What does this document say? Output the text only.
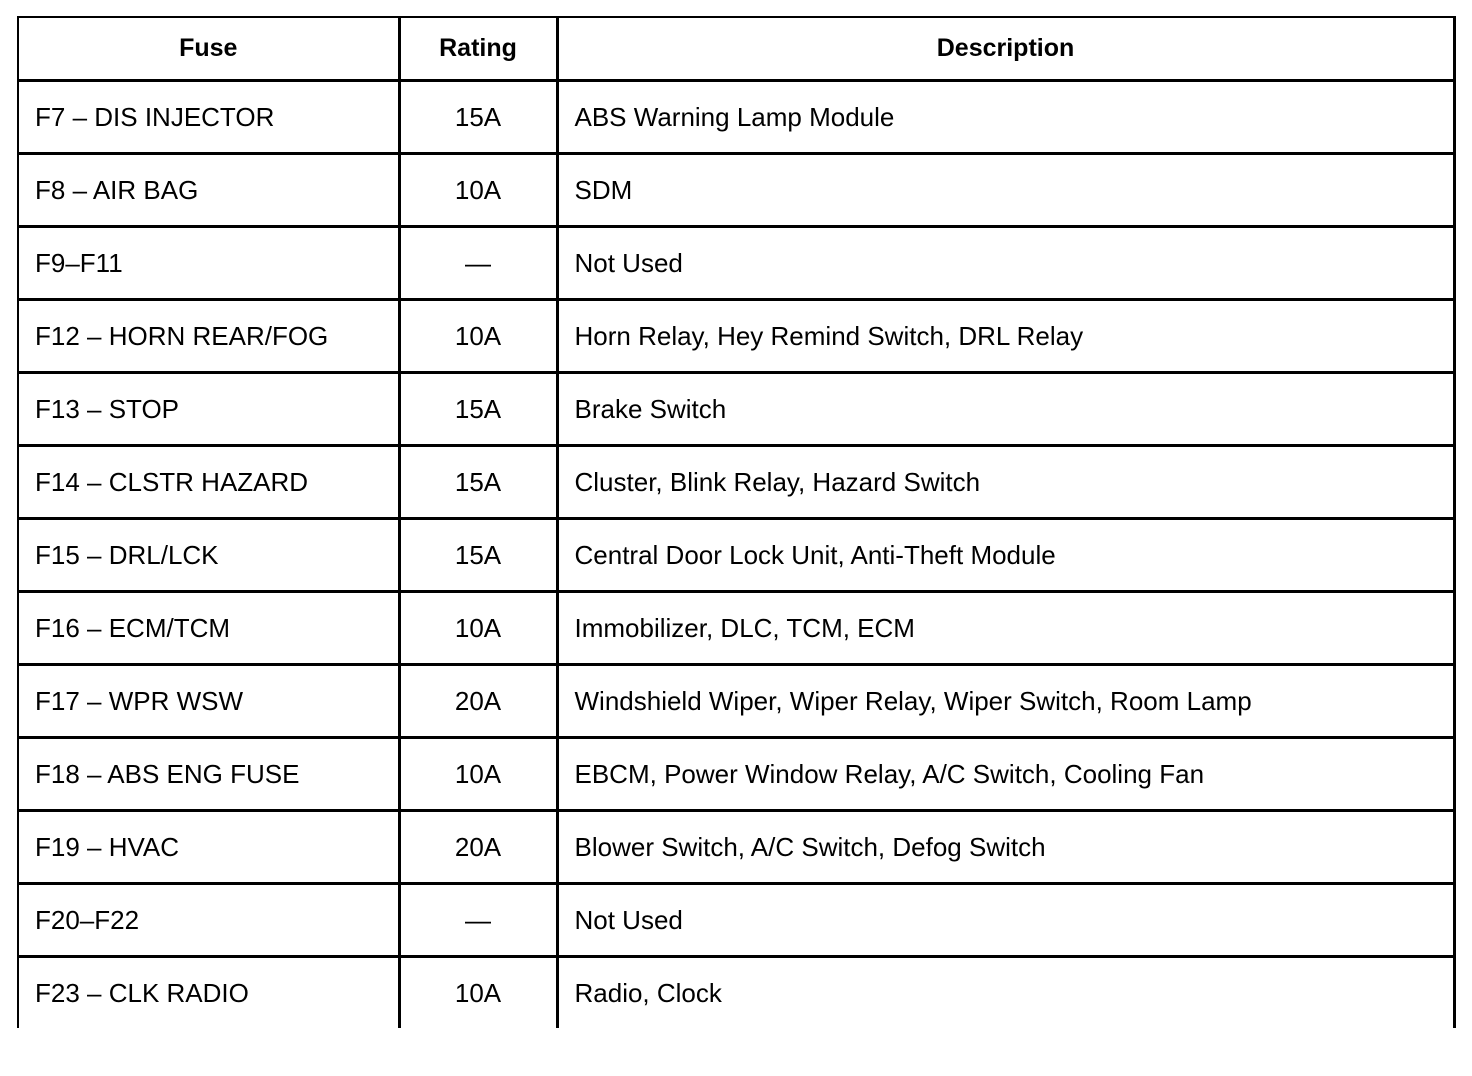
Fuse	Rating	Description
F7 – DIS INJECTOR	15A	ABS Warning Lamp Module
F8 – AIR BAG	10A	SDM
F9–F11	—	Not Used
F12 – HORN REAR/FOG	10A	Horn Relay, Hey Remind Switch, DRL Relay
F13 – STOP	15A	Brake Switch
F14 – CLSTR HAZARD	15A	Cluster, Blink Relay, Hazard Switch
F15 – DRL/LCK	15A	Central Door Lock Unit, Anti-Theft Module
F16 – ECM/TCM	10A	Immobilizer, DLC, TCM, ECM
F17 – WPR WSW	20A	Windshield Wiper, Wiper Relay, Wiper Switch, Room Lamp
F18 – ABS ENG FUSE	10A	EBCM, Power Window Relay, A/C Switch, Cooling Fan
F19 – HVAC	20A	Blower Switch, A/C Switch, Defog Switch
F20–F22	—	Not Used
F23 – CLK RADIO	10A	Radio, Clock
